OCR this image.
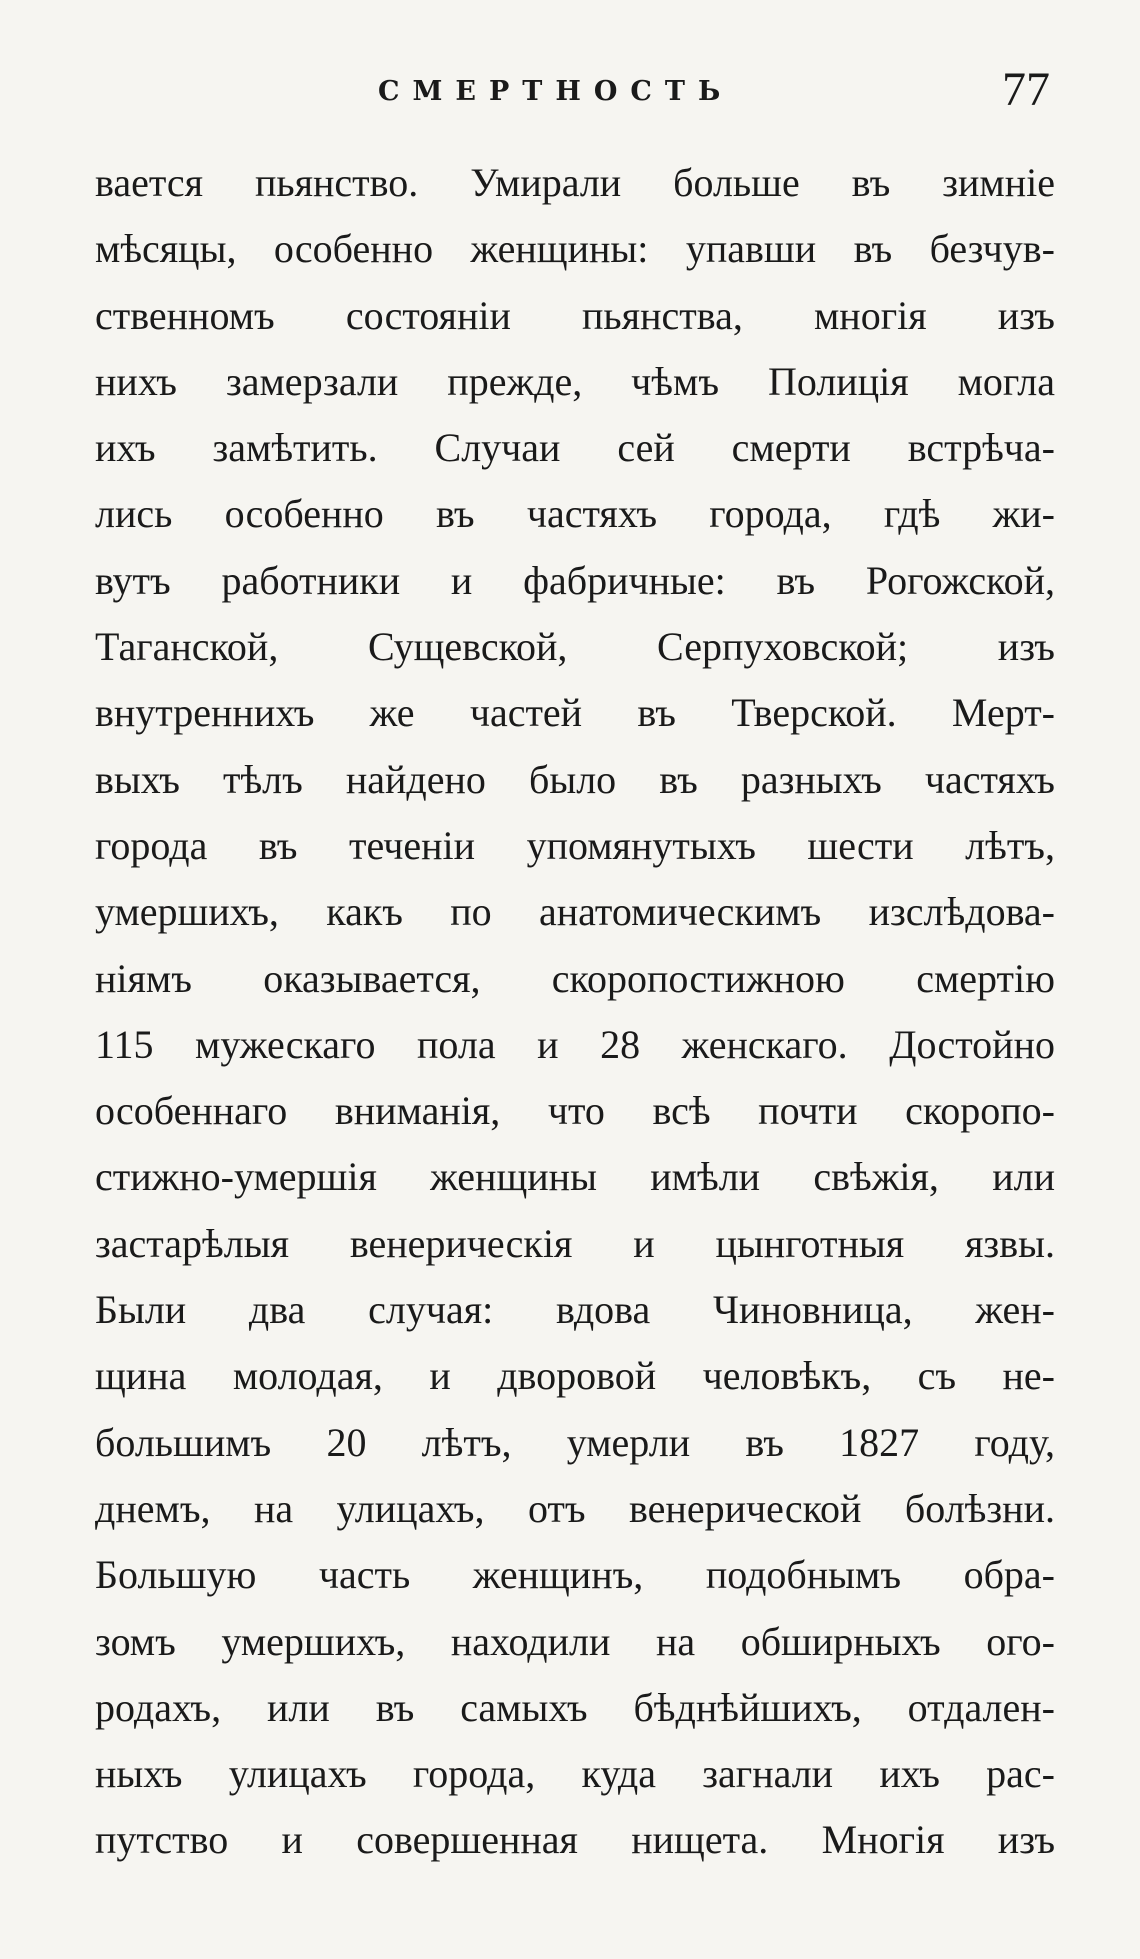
СМЕРТНОСТЬ	77
вается пьянство. Умирали больше въ зимніе
мѣсяцы, особенно женщины: упавши въ безчув-
ственномъ состояніи пьянства, многія изъ
нихъ замерзали прежде, чѣмъ Полиція могла
ихъ замѣтить. Случаи сей смерти встрѣча-
лись особенно въ частяхъ города, гдѣ жи-
вутъ работники и фабричные: въ Рогожской,
Таганской, Сущевской, Серпуховской; изъ
внутреннихъ же частей въ Тверской. Мерт-
выхъ тѣлъ найдено было въ разныхъ частяхъ
города въ теченіи упомянутыхъ шести лѣтъ,
умершихъ, какъ по анатомическимъ изслѣдова-
ніямъ оказывается, скоропостижною смертію
115 мужескаго пола и 28 женскаго. Достойно
особеннаго вниманія, что всѣ почти скоропо-
стижно-умершія женщины имѣли свѣжія, или
застарѣлыя венерическія и цынготныя язвы.
Были два случая: вдова Чиновница, жен-
щина молодая, и дворовой человѣкъ, съ не-
большимъ 20 лѣтъ, умерли въ 1827 году,
днемъ, на улицахъ, отъ венерической болѣзни.
Большую часть женщинъ, подобнымъ обра-
зомъ умершихъ, находили на обширныхъ ого-
родахъ, или въ самыхъ бѣднѣйшихъ, отдален-
ныхъ улицахъ города, куда загнали ихъ рас-
путство и совершенная нищета. Многія изъ
